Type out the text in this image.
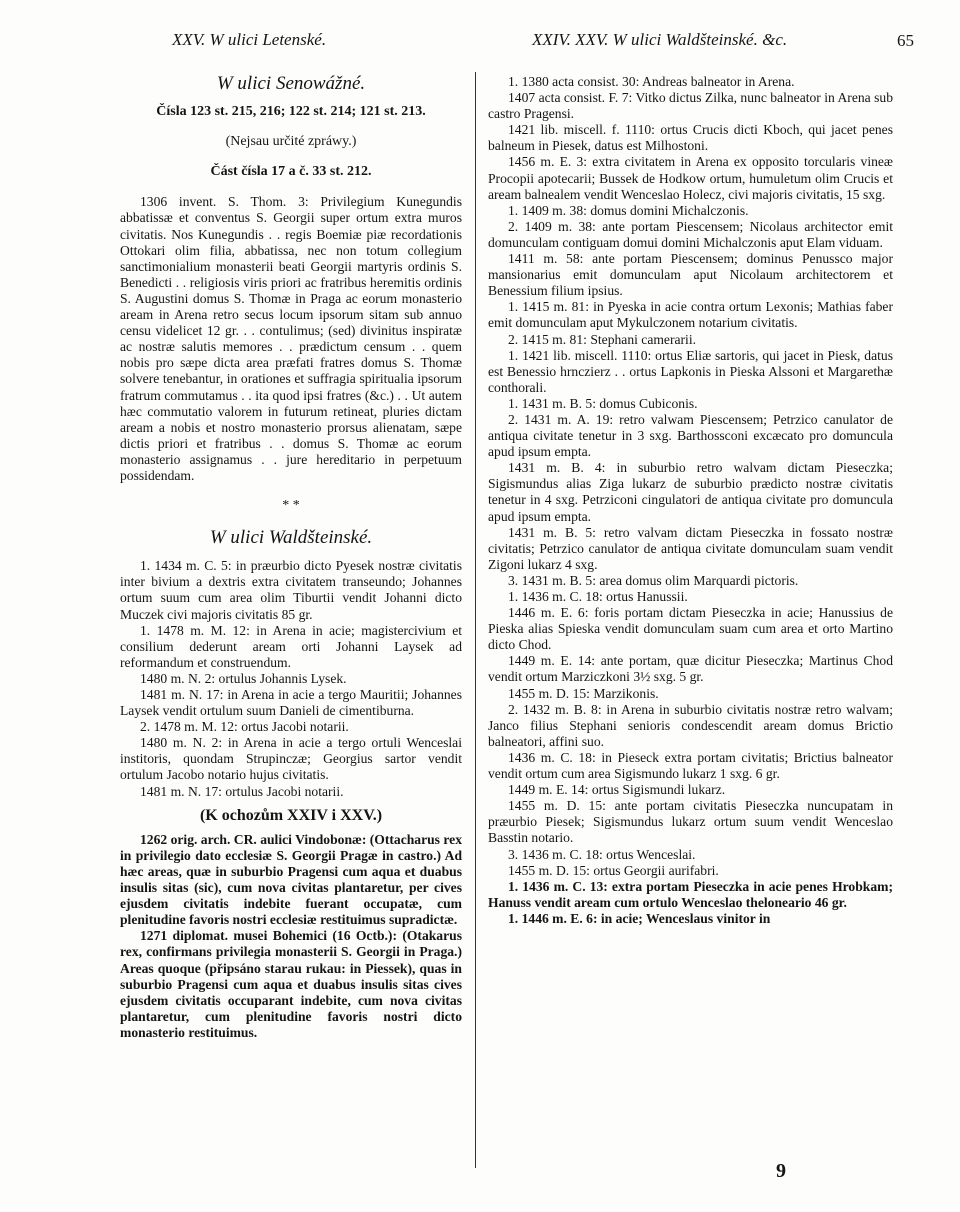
XXV. W ulici Letenské.	XXIV. XXV. W ulici Waldšteinské. &c.	65
W ulici Senowážné.
Čísla 123 st. 215, 216; 122 st. 214; 121 st. 213.
(Nejsau určité zpráwy.)
Část čísla 17 a č. 33 st. 212.

1306 invent. S. Thom. 3: Privilegium Kunegundis abbatissæ et conventus S. Georgii super ortum extra muros civitatis. Nos Kunegundis . . regis Boemiæ piæ recordationis Ottokari olim filia, abbatissa, nec non totum collegium sanctimonialium monasterii beati Georgii martyris ordinis S. Benedicti . . religiosis viris priori ac fratribus heremitis ordinis S. Augustini domus S. Thomæ in Praga ac eorum monasterio aream in Arena retro secus locum ipsorum sitam sub annuo censu videlicet 12 gr. . . contulimus; (sed) divinitus inspiratæ ac nostræ salutis memores . . prædictum censum . . quem nobis pro sæpe dicta area præfati fratres domus S. Thomæ solvere tenebantur, in orationes et suffragia spiritualia ipsorum fratrum commutamus . . ita quod ipsi fratres (&c.) . . Ut autem hæc commutatio valorem in futurum retineat, pluries dictam aream a nobis et nostro monasterio prorsus alienatam, sæpe dictis priori et fratribus . . domus S. Thomæ ac eorum monasterio assignamus . . jure hereditario in perpetuum possidendam.

* *
W ulici Waldšteinské.

1. 1434 m. C. 5: in præurbio dicto Pyesek nostræ civitatis inter bivium a dextris extra civitatem transeundo; Johannes ortum suum cum area olim Tiburtii vendit Johanni dicto Muczek civi majoris civitatis 85 gr.

1. 1478 m. M. 12: in Arena in acie; magistercivium et consilium dederunt aream orti Johanni Laysek ad reformandum et construendum.

1480 m. N. 2: ortulus Johannis Lysek.

1481 m. N. 17: in Arena in acie a tergo Mauritii; Johannes Laysek vendit ortulum suum Danieli de cimentiburna.

2. 1478 m. M. 12: ortus Jacobi notarii.

1480 m. N. 2: in Arena in acie a tergo ortuli Wenceslai institoris, quondam Strupinczæ; Georgius sartor vendit ortulum Jacobo notario hujus civitatis.

1481 m. N. 17: ortulus Jacobi notarii.

(K ochozům XXIV i XXV.)

1262 orig. arch. CR. aulici Vindobonæ: (Ottacharus rex in privilegio dato ecclesiæ S. Georgii Pragæ in castro.) Ad hæc areas, quæ in suburbio Pragensi cum aqua et duabus insulis sitas (sic), cum nova civitas plantaretur, per cives ejusdem civitatis indebite fuerant occupatæ, cum plenitudine favoris nostri ecclesiæ restituimus supradictæ.

1271 diplomat. musei Bohemici (16 Octb.): (Otakarus rex, confirmans privilegia monasterii S. Georgii in Praga.) Areas quoque (připsáno starau rukau: in Piessek), quas in suburbio Pragensi cum aqua et duabus insulis sitas cives ejusdem civitatis occuparant indebite, cum nova civitas plantaretur, cum plenitudine favoris nostri dicto monasterio restituimus.

1. 1380 acta consist. 30: Andreas balneator in Arena.

1407 acta consist. F. 7: Vitko dictus Zilka, nunc balneator in Arena sub castro Pragensi.

1421 lib. miscell. f. 1110: ortus Crucis dicti Kboch, qui jacet penes balneum in Piesek, datus est Milhostoni.

1456 m. E. 3: extra civitatem in Arena ex opposito torcularis vineæ Procopii apotecarii; Bussek de Hodkow ortum, humuletum olim Crucis et aream balnealem vendit Wenceslao Holecz, civi majoris civitatis, 15 sxg.

1. 1409 m. 38: domus domini Michalczonis.

2. 1409 m. 38: ante portam Piescensem; Nicolaus architector emit domunculam contiguam domui domini Michalczonis aput Elam viduam.

1411 m. 58: ante portam Piescensem; dominus Penussco major mansionarius emit domunculam aput Nicolaum architectorem et Benessium filium ipsius.

1. 1415 m. 81: in Pyeska in acie contra ortum Lexonis; Mathias faber emit domunculam aput Mykulczonem notarium civitatis.

2. 1415 m. 81: Stephani camerarii.

1. 1421 lib. miscell. 1110: ortus Eliæ sartoris, qui jacet in Piesk, datus est Benessio hrnczierz . . ortus Lapkonis in Pieska Alssoni et Margarethæ conthorali.

1. 1431 m. B. 5: domus Cubiconis.

2. 1431 m. A. 19: retro valwam Piescensem; Petrzico canulator de antiqua civitate tenetur in 3 sxg. Barthossconi excæcato pro domuncula apud ipsum empta.

1431 m. B. 4: in suburbio retro walvam dictam Pieseczka; Sigismundus alias Ziga lukarz de suburbio prædicto nostræ civitatis tenetur in 4 sxg. Petrziconi cingulatori de antiqua civitate pro domuncula apud ipsum empta.

1431 m. B. 5: retro valvam dictam Pieseczka in fossato nostræ civitatis; Petrzico canulator de antiqua civitate domunculam suam vendit Zigoni lukarz 4 sxg.

3. 1431 m. B. 5: area domus olim Marquardi pictoris.

1. 1436 m. C. 18: ortus Hanussii.

1446 m. E. 6: foris portam dictam Pieseczka in acie; Hanussius de Pieska alias Spieska vendit domunculam suam cum area et orto Martino dicto Chod.

1449 m. E. 14: ante portam, quæ dicitur Pieseczka; Martinus Chod vendit ortum Marziczkoni 3½ sxg. 5 gr.

1455 m. D. 15: Marzikonis.

2. 1432 m. B. 8: in Arena in suburbio civitatis nostræ retro walvam; Janco filius Stephani senioris condescendit aream domus Brictio balneatori, affini suo.

1436 m. C. 18: in Pieseck extra portam civitatis; Brictius balneator vendit ortum cum area Sigismundo lukarz 1 sxg. 6 gr.

1449 m. E. 14: ortus Sigismundi lukarz.

1455 m. D. 15: ante portam civitatis Pieseczka nuncupatam in præurbio Piesek; Sigismundus lukarz ortum suum vendit Wenceslao Basstin notario.

3. 1436 m. C. 18: ortus Wenceslai.

1455 m. D. 15: ortus Georgii aurifabri.

1. 1436 m. C. 13: extra portam Pieseczka in acie penes Hrobkam; Hanuss vendit aream cum ortulo Wenceslao theloneario 46 gr.

1. 1446 m. E. 6: in acie; Wenceslaus vinitor in

9
